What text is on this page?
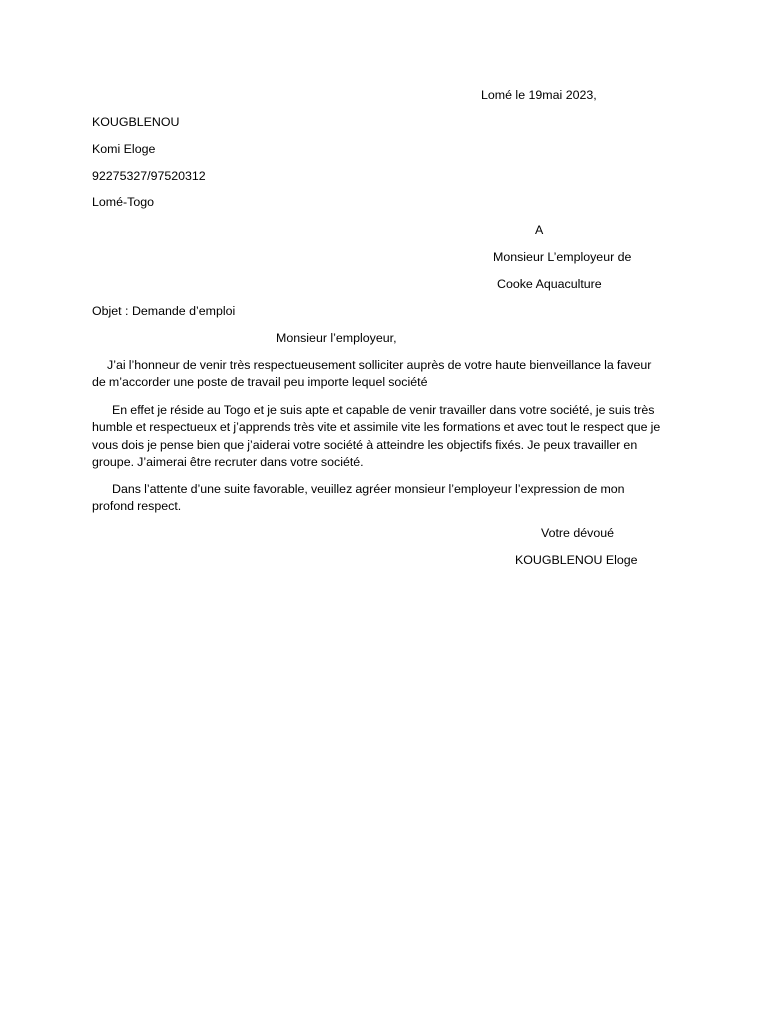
Lomé le 19mai 2023,
KOUGBLENOU
Komi Eloge
92275327/97520312
Lomé-Togo
A
Monsieur L’employeur de
Cooke Aquaculture
Objet : Demande d’emploi
Monsieur l’employeur,
J’ai l’honneur de venir très respectueusement solliciter auprès de votre haute bienveillance la faveur de m’accorder une poste de travail peu importe lequel société
En effet je réside au Togo et je suis apte et capable de venir travailler dans votre société, je suis très humble et respectueux et j’apprends très vite et assimile vite les formations et avec tout le respect que je vous dois je pense bien que j’aiderai votre société à atteindre les objectifs fixés. Je peux travailler en groupe. J’aimerai être recruter dans votre société.
Dans l’attente d’une suite favorable, veuillez agréer monsieur l’employeur l’expression de mon profond respect.
Votre dévoué
KOUGBLENOU Eloge
